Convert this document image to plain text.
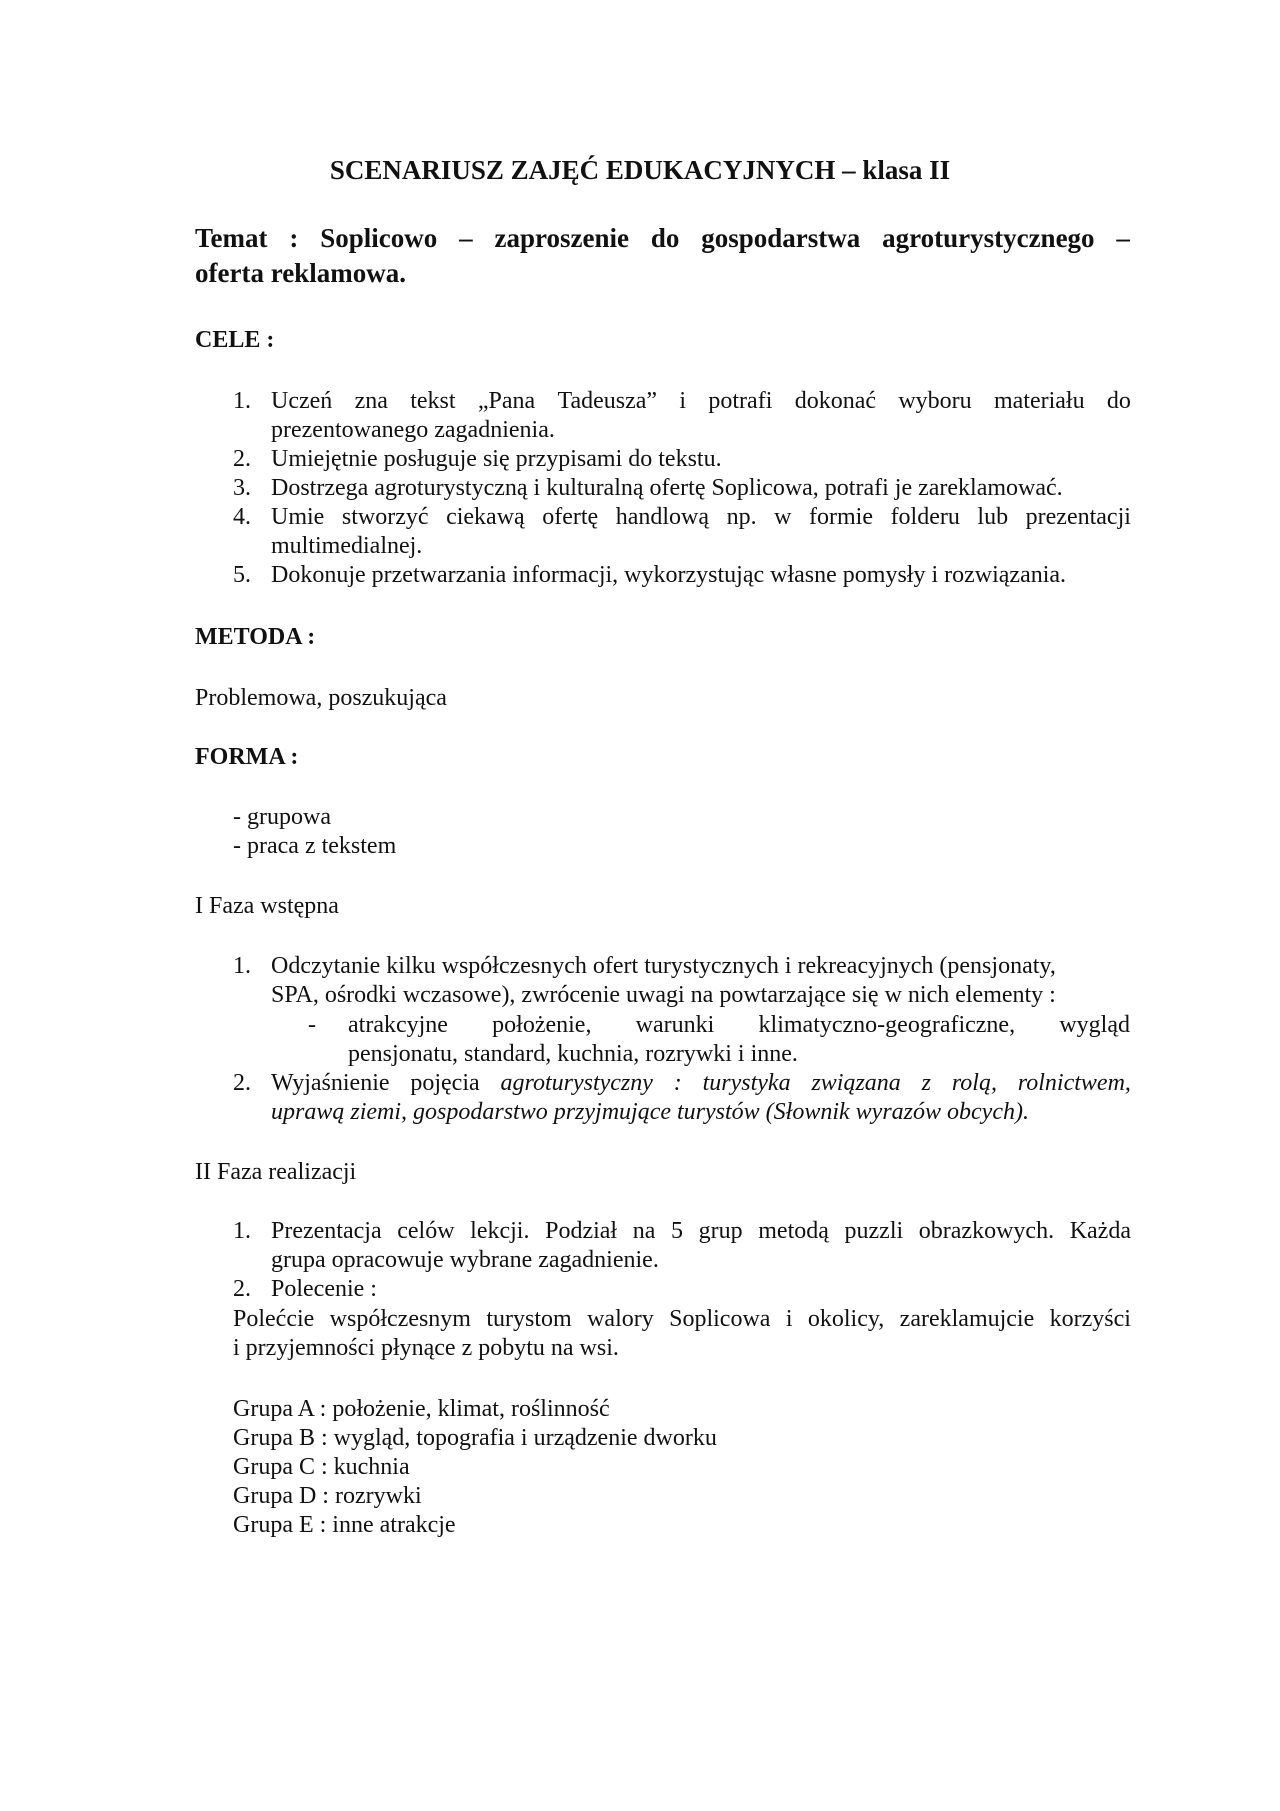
SCENARIUSZ ZAJĘĆ EDUKACYJNYCH – klasa II
Temat : Soplicowo – zaproszenie do gospodarstwa agroturystycznego –
oferta reklamowa.
CELE :
1. Uczeń zna tekst „Pana Tadeusza” i potrafi dokonać wyboru materiału do
prezentowanego zagadnienia.
2. Umiejętnie posługuje się przypisami do tekstu.
3. Dostrzega agroturystyczną i kulturalną ofertę Soplicowa, potrafi je zareklamować.
4. Umie stworzyć ciekawą ofertę handlową np. w formie folderu lub prezentacji
multimedialnej.
5. Dokonuje przetwarzania informacji, wykorzystując własne pomysły i rozwiązania.
METODA :
Problemowa, poszukująca
FORMA :
- grupowa
- praca z tekstem
I Faza wstępna
1. Odczytanie kilku współczesnych ofert turystycznych i rekreacyjnych (pensjonaty,
SPA, ośrodki wczasowe), zwrócenie uwagi na powtarzające się w nich elementy :
- atrakcyjne położenie, warunki klimatyczno-geograficzne, wygląd
pensjonatu, standard, kuchnia, rozrywki i inne.
2. Wyjaśnienie pojęcia agroturystyczny : turystyka związana z rolą, rolnictwem,
uprawą ziemi, gospodarstwo przyjmujące turystów (Słownik wyrazów obcych).
II Faza realizacji
1. Prezentacja celów lekcji. Podział na 5 grup metodą puzzli obrazkowych. Każda
grupa opracowuje wybrane zagadnienie.
2. Polecenie :
Polećcie współczesnym turystom walory Soplicowa i okolicy, zareklamujcie korzyści
i przyjemności płynące z pobytu na wsi.
Grupa A : położenie, klimat, roślinność
Grupa B : wygląd, topografia i urządzenie dworku
Grupa C : kuchnia
Grupa D : rozrywki
Grupa E : inne atrakcje
